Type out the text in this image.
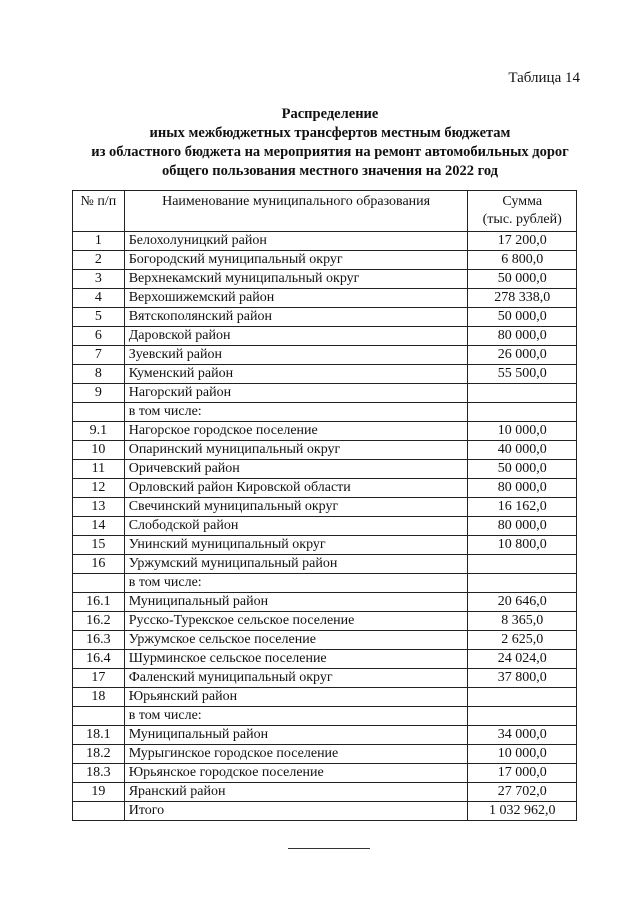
Таблица 14
Распределение
иных межбюджетных трансфертов местным бюджетам
из областного бюджета на мероприятия на ремонт автомобильных дорог
общего пользования местного значения на 2022 год
№ п/п	Наименование муниципального образования	Сумма
(тыс. рублей)

1	Белохолуницкий район	17 200,0
2	Богородский муниципальный округ	6 800,0
3	Верхнекамский муниципальный округ	50 000,0
4	Верхошижемский район	278 338,0
5	Вятскополянский район	50 000,0
6	Даровской район	80 000,0
7	Зуевский район	26 000,0
8	Куменский район	55 500,0
9	Нагорский район	
	в том числе:	
9.1	Нагорское городское поселение	10 000,0
10	Опаринский муниципальный округ	40 000,0
11	Оричевский район	50 000,0
12	Орловский район Кировской области	80 000,0
13	Свечинский муниципальный округ	16 162,0
14	Слободской район	80 000,0
15	Унинский муниципальный округ	10 800,0
16	Уржумский муниципальный район	
	в том числе:	
16.1	Муниципальный район	20 646,0
16.2	Русско-Турекское сельское поселение	8 365,0
16.3	Уржумское сельское поселение	2 625,0
16.4	Шурминское сельское поселение	24 024,0
17	Фаленский муниципальный округ	37 800,0
18	Юрьянский район	
	в том числе:	
18.1	Муниципальный район	34 000,0
18.2	Мурыгинское городское поселение	10 000,0
18.3	Юрьянское городское поселение	17 000,0
19	Яранский район	27 702,0
	Итого	1 032 962,0
